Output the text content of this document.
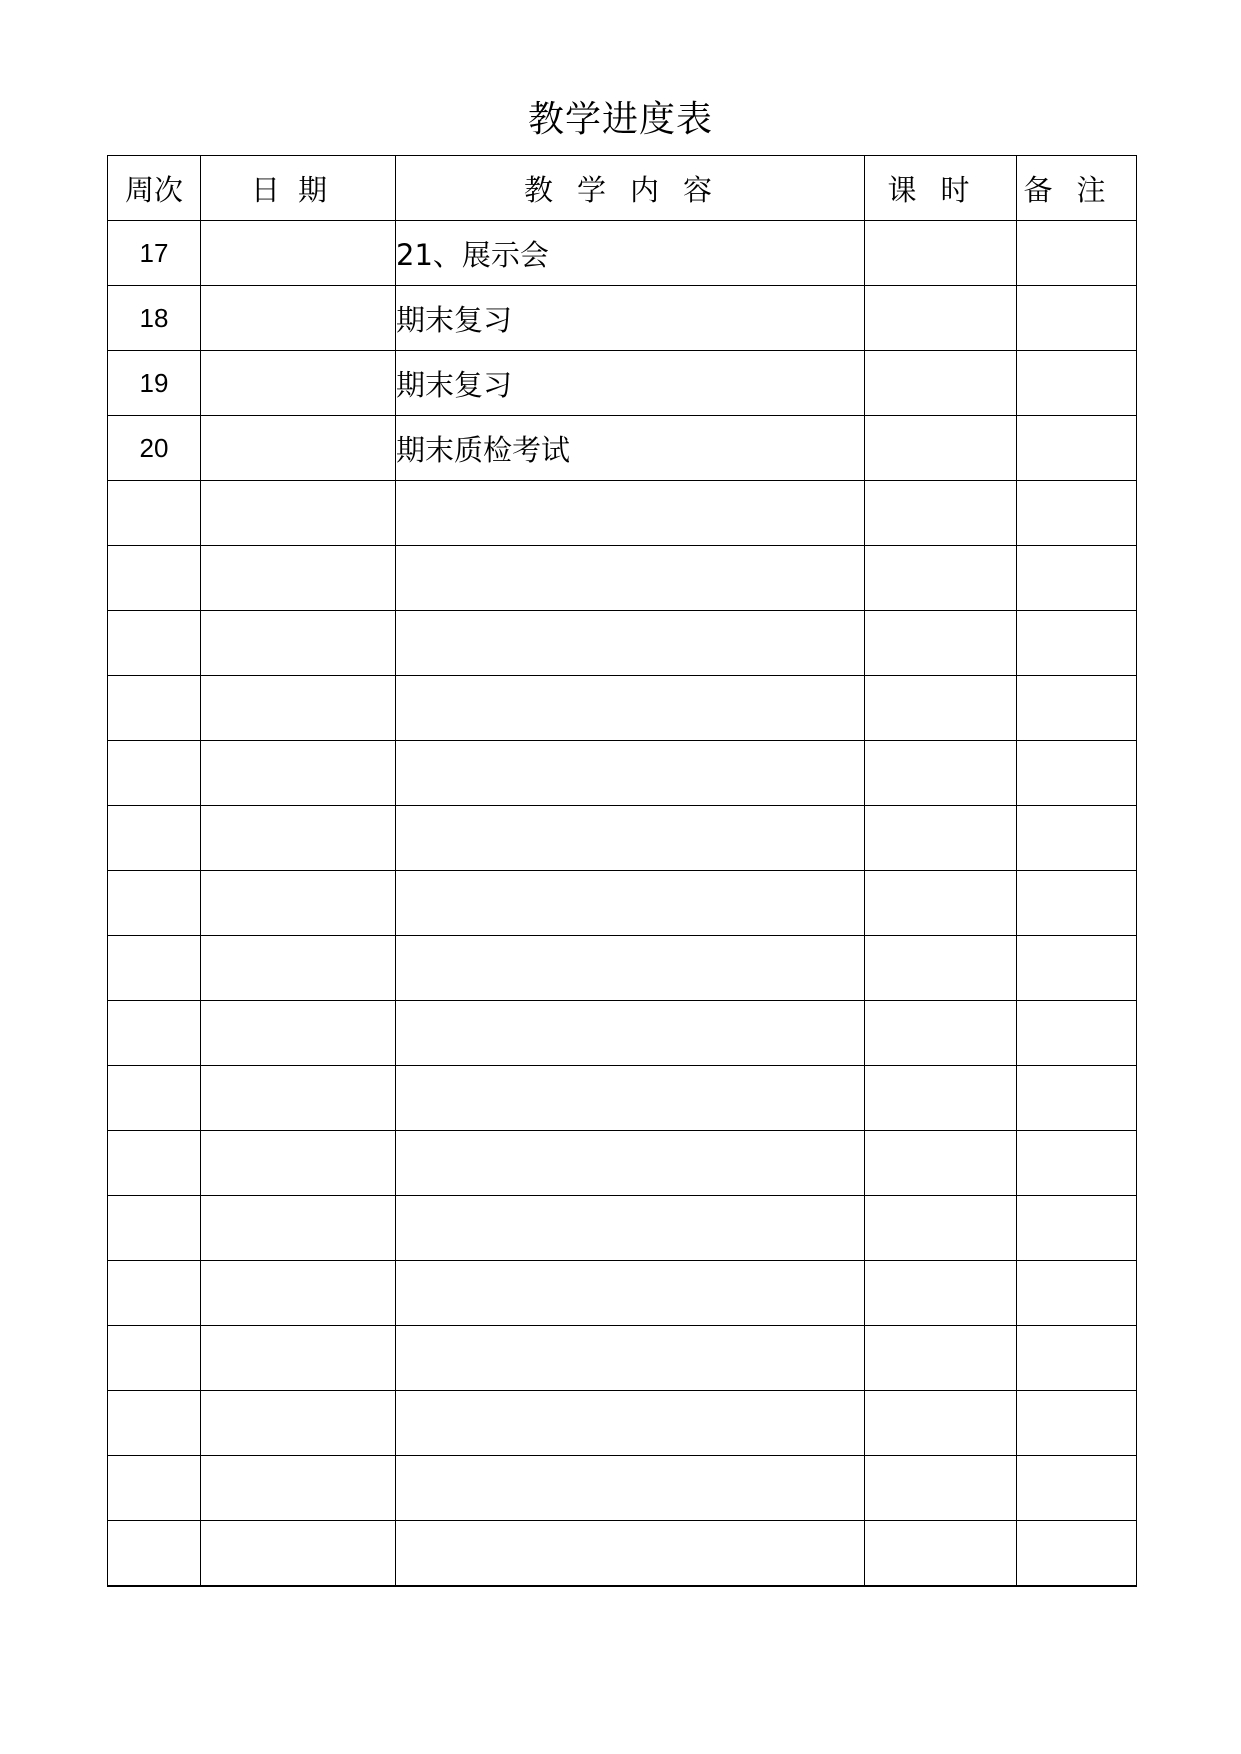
教学进度表
周次	日期	教学内容	课时	备注
17		21、展示会		
18		期末复习		
19		期末复习		
20		期末质检考试		
